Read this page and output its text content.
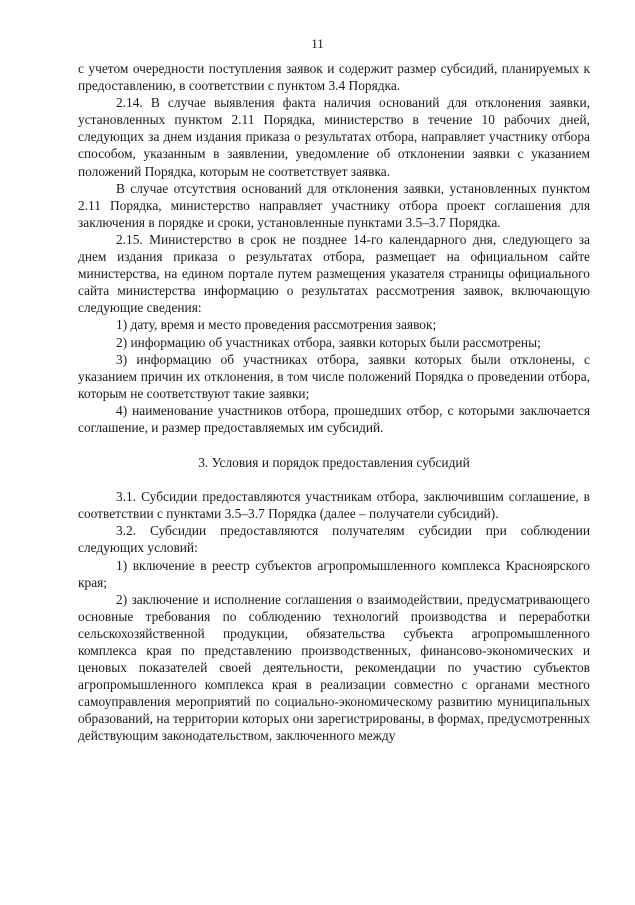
11

с учетом очередности поступления заявок и содержит размер субсидий, планируемых к предоставлению, в соответствии с пунктом 3.4 Порядка.

2.14. В случае выявления факта наличия оснований для отклонения заявки, установленных пунктом 2.11 Порядка, министерство в течение 10 рабочих дней, следующих за днем издания приказа о результатах отбора, направляет участнику отбора способом, указанным в заявлении, уведомление об отклонении заявки с указанием положений Порядка, которым не соответствует заявка.

В случае отсутствия оснований для отклонения заявки, установленных пунктом 2.11 Порядка, министерство направляет участнику отбора проект соглашения для заключения в порядке и сроки, установленные пунктами 3.5–3.7 Порядка.

2.15. Министерство в срок не позднее 14-го календарного дня, следующего за днем издания приказа о результатах отбора, размещает на официальном сайте министерства, на едином портале путем размещения указателя страницы официального сайта министерства информацию о результатах рассмотрения заявок, включающую следующие сведения:

1) дату, время и место проведения рассмотрения заявок;

2) информацию об участниках отбора, заявки которых были рассмотрены;

3) информацию об участниках отбора, заявки которых были отклонены, с указанием причин их отклонения, в том числе положений Порядка о проведении отбора, которым не соответствуют такие заявки;

4) наименование участников отбора, прошедших отбор, с которыми заключается соглашение, и размер предоставляемых им субсидий.

3. Условия и порядок предоставления субсидий

3.1. Субсидии предоставляются участникам отбора, заключившим соглашение, в соответствии с пунктами 3.5–3.7 Порядка (далее – получатели субсидий).

3.2. Субсидии предоставляются получателям субсидии при соблюдении следующих условий:

1) включение в реестр субъектов агропромышленного комплекса Красноярского края;

2) заключение и исполнение соглашения о взаимодействии, предусматривающего основные требования по соблюдению технологий производства и переработки сельскохозяйственной продукции, обязательства субъекта агропромышленного комплекса края по представлению производственных, финансово-экономических и ценовых показателей своей деятельности, рекомендации по участию субъектов агропромышленного комплекса края в реализации совместно с органами местного самоуправления мероприятий по социально-экономическому развитию муниципальных образований, на территории которых они зарегистрированы, в формах, предусмотренных действующим законодательством, заключенного между
